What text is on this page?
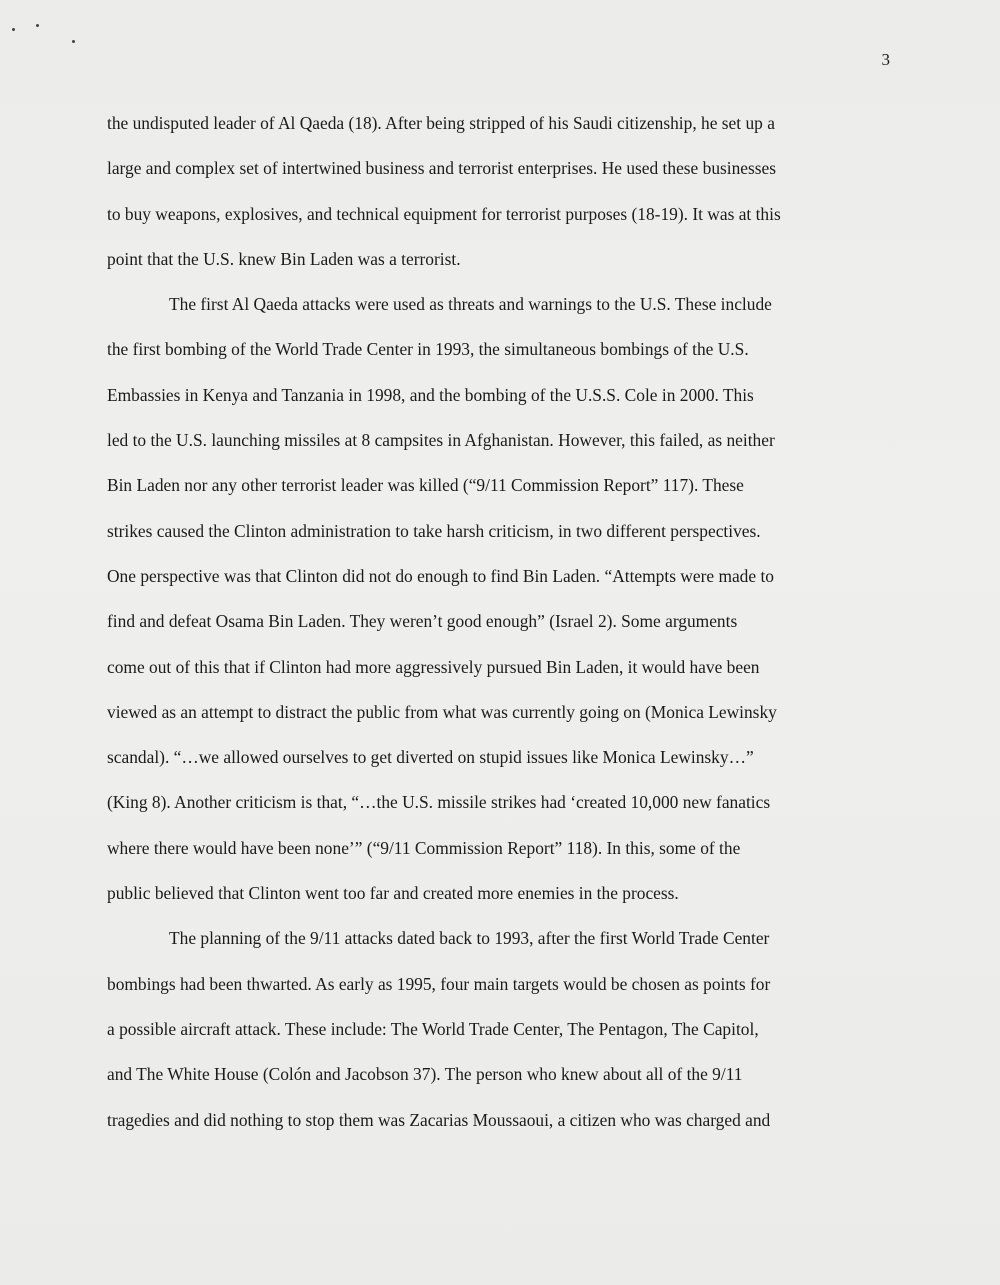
3
the undisputed leader of Al Qaeda (18). After being stripped of his Saudi citizenship, he set up a
large and complex set of intertwined business and terrorist enterprises. He used these businesses
to buy weapons, explosives, and technical equipment for terrorist purposes (18-19). It was at this
point that the U.S. knew Bin Laden was a terrorist.
The first Al Qaeda attacks were used as threats and warnings to the U.S. These include
the first bombing of the World Trade Center in 1993, the simultaneous bombings of the U.S.
Embassies in Kenya and Tanzania in 1998, and the bombing of the U.S.S. Cole in 2000. This
led to the U.S. launching missiles at 8 campsites in Afghanistan. However, this failed, as neither
Bin Laden nor any other terrorist leader was killed (“9/11 Commission Report” 117). These
strikes caused the Clinton administration to take harsh criticism, in two different perspectives.
One perspective was that Clinton did not do enough to find Bin Laden. “Attempts were made to
find and defeat Osama Bin Laden. They weren’t good enough” (Israel 2). Some arguments
come out of this that if Clinton had more aggressively pursued Bin Laden, it would have been
viewed as an attempt to distract the public from what was currently going on (Monica Lewinsky
scandal). “…we allowed ourselves to get diverted on stupid issues like Monica Lewinsky…”
(King 8). Another criticism is that, “…the U.S. missile strikes had ‘created 10,000 new fanatics
where there would have been none’” (“9/11 Commission Report” 118). In this, some of the
public believed that Clinton went too far and created more enemies in the process.
The planning of the 9/11 attacks dated back to 1993, after the first World Trade Center
bombings had been thwarted. As early as 1995, four main targets would be chosen as points for
a possible aircraft attack. These include: The World Trade Center, The Pentagon, The Capitol,
and The White House (Colón and Jacobson 37). The person who knew about all of the 9/11
tragedies and did nothing to stop them was Zacarias Moussaoui, a citizen who was charged and
